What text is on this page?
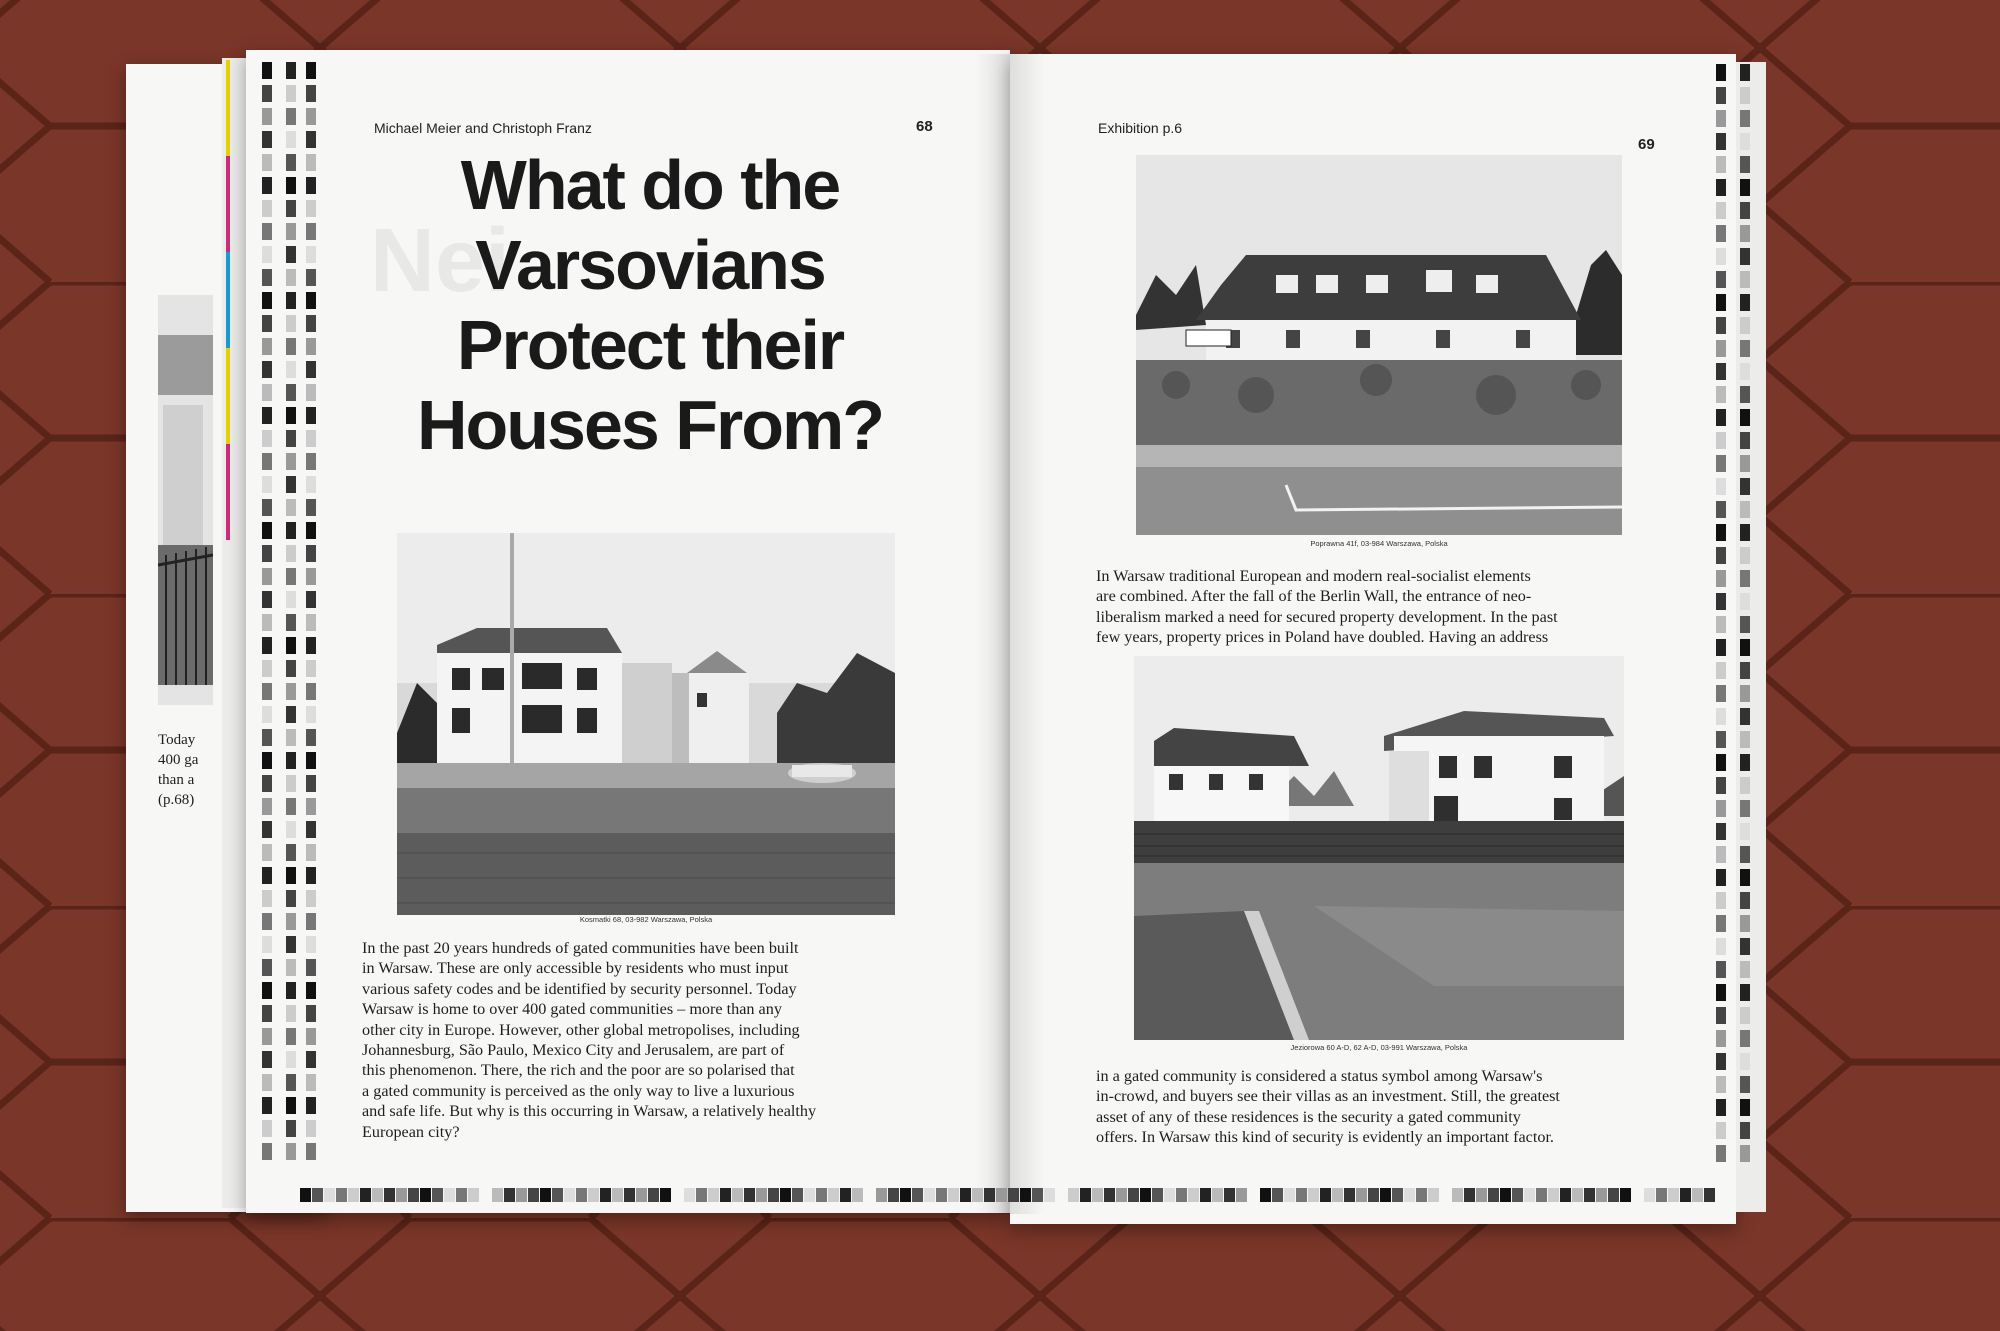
Today
400 ga
than a
(p.68)
Nei
Michael Meier and Christoph Franz	68
What do the
Varsovians
Protect their
Houses From?
Kosmatki 68, 03-982 Warszawa, Polska
In the past 20 years hundreds of gated communities have been built
in Warsaw. These are only accessible by residents who must input
various safety codes and be identified by security personnel. Today
Warsaw is home to over 400 gated communities – more than any
other city in Europe. However, other global metropolises, including
Johannesburg, São Paulo, Mexico City and Jerusalem, are part of
this phenomenon. There, the rich and the poor are so polarised that
a gated community is perceived as the only way to live a luxurious
and safe life. But why is this occurring in Warsaw, a relatively healthy
European city?
Exhibition p.6
69
Poprawna 41f, 03-984 Warszawa, Polska
In Warsaw traditional European and modern real-socialist elements
are combined. After the fall of the Berlin Wall, the entrance of neo-
liberalism marked a need for secured property development. In the past
few years, property prices in Poland have doubled. Having an address
Jeziorowa 60 A-D, 62 A-D, 03-991 Warszawa, Polska
in a gated community is considered a status symbol among Warsaw's
in-crowd, and buyers see their villas as an investment. Still, the greatest
asset of any of these residences is the security a gated community
offers. In Warsaw this kind of security is evidently an important factor.
